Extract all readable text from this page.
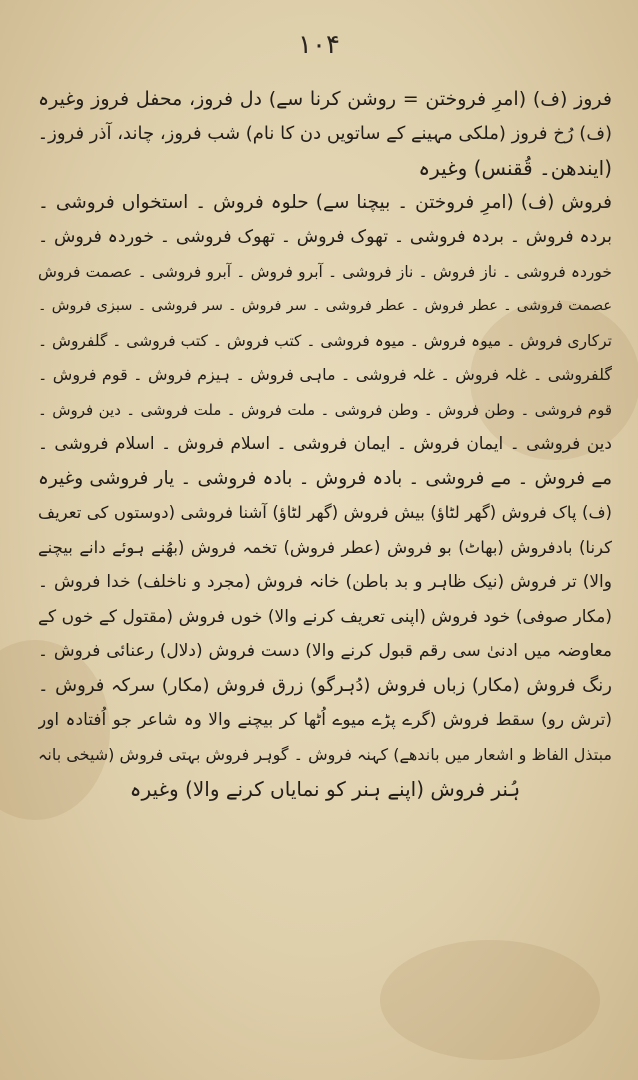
۱۰۴
فروز (ف) (امرِ فروختن = روشن کرنا سے) دل فروز، محفل فروز وغیرہ
(ف) رُخ فروز (ملکی مہینے کے ساتویں دن کا نام) شب فروز، چاند، آذر فروز۔
(ایندھن۔ قُقنس) وغیرہ
فروش (ف) (امرِ فروختن ۔ بیچنا سے) حلوہ فروش ۔ استخواں فروشی ۔
بردہ فروش ۔ بردہ فروشی ۔ تھوک فروش ۔ تھوک فروشی ۔ خوردہ فروش ۔
خوردہ فروشی ۔ ناز فروش ۔ ناز فروشی ۔ آبرو فروش ۔ آبرو فروشی ۔ عصمت فروش
عصمت فروشی ۔ عطر فروش ۔ عطر فروشی ۔ سر فروش ۔ سر فروشی ۔ سبزی فروش ۔
ترکاری فروش ۔ میوہ فروش ۔ میوہ فروشی ۔ کتب فروش ۔ کتب فروشی ۔ گلفروش ۔
گلفروشی ۔ غلہ فروش ۔ غلہ فروشی ۔ ماہی فروش ۔ ہیزم فروش ۔ قوم فروش ۔
قوم فروشی ۔ وطن فروش ۔ وطن فروشی ۔ ملت فروش ۔ ملت فروشی ۔ دین فروش ۔
دین فروشی ۔ ایمان فروش ۔ ایمان فروشی ۔ اسلام فروش ۔ اسلام فروشی ۔
مے فروش ۔ مے فروشی ۔ بادہ فروش ۔ بادہ فروشی ۔ یار فروشی وغیرہ
(ف) پاک فروش (گھر لٹاؤ) بیش فروش (گھر لٹاؤ) آشنا فروشی (دوستوں کی تعریف
کرنا) بادفروش (بھاٹ) بو فروش (عطر فروش) تخمہ فروش (بھُنے ہوئے دانے بیچنے
والا) تر فروش (نیک ظاہر و بد باطن) خانہ فروش (مجرد و ناخلف) خدا فروش ۔
(مکار صوفی) خود فروش (اپنی تعریف کرنے والا) خوں فروش (مقتول کے خوں کے
معاوضہ میں ادنیٰ سی رقم قبول کرنے والا) دست فروش (دلال) رعنائی فروش ۔
رنگ فروش (مکار) زباں فروش (دُہرگو) زرق فروش (مکار) سرکہ فروش ۔
(ترش رو) سقط فروش (گرے پڑے میوے اُٹھا کر بیچنے والا وہ شاعر جو اُفتادہ اور
مبتذل الفاظ و اشعار میں باندھے) کہنہ فروش ۔ گوہر فروش بہتی فروش (شیخی بانہ
ہُنر فروش (اپنے ہنر کو نمایاں کرنے والا) وغیرہ
